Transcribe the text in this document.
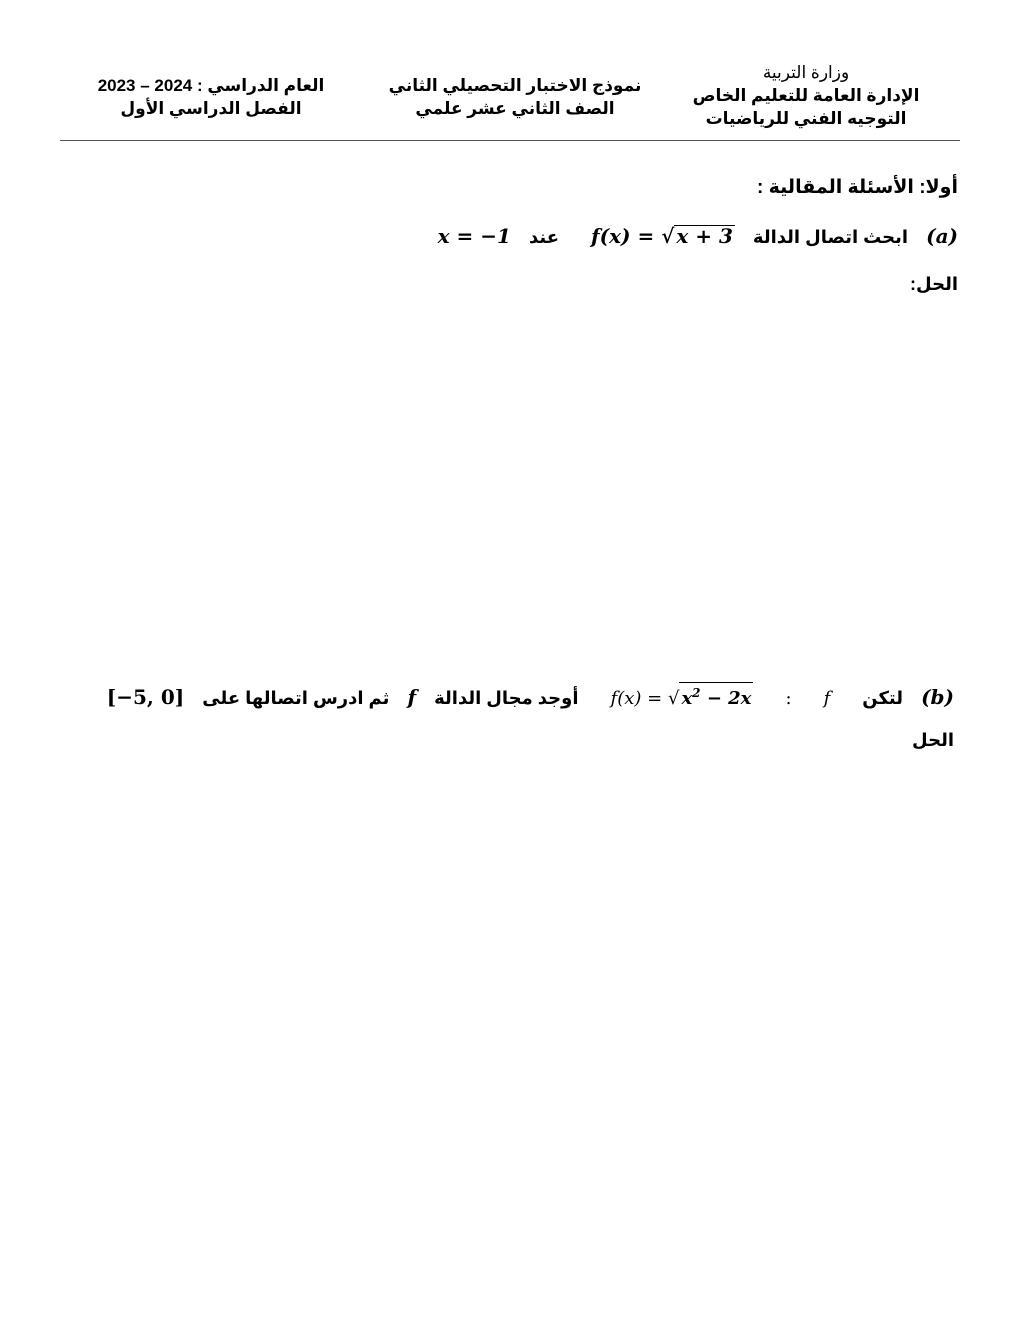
وزارة التربية
الإدارة العامة للتعليم الخاص
التوجيه الفني للرياضيات
نموذج الاختبار التحصيلي الثاني
الصف الثاني عشر علمي
العام الدراسي : 2023 – 2024
الفصل الدراسي الأول
أولا: الأسئلة المقالية :
(a)  ابحث اتصال الدالة  f(x) = √ x + 3  عند  x = −1
الحل:
(b)  لتكن  f  :  f(x) = √ $x^2 - 2x$  أوجد مجال الدالة  f  ثم ادرس اتصالها على  [−5, 0]
الحل
